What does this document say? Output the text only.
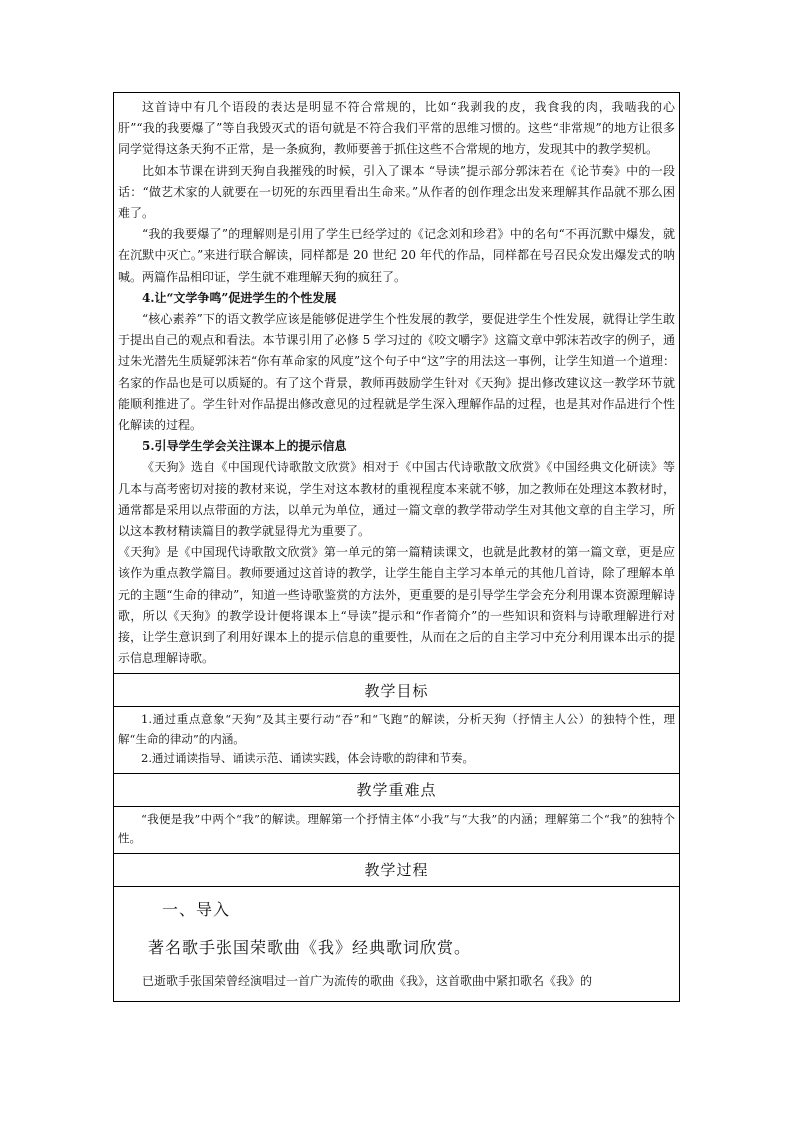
这首诗中有几个语段的表达是明显不符合常规的，比如“我剥我的皮，我食我的肉，我啮我的心肝”“我的我要爆了”等自我毁灭式的语句就是不符合我们平常的思维习惯的。这些“非常规”的地方让很多同学觉得这条天狗不正常，是一条疯狗，教师要善于抓住这些不合常规的地方，发现其中的教学契机。

比如本节课在讲到天狗自我摧残的时候，引入了课本 “导读”提示部分郭沫若在《论节奏》中的一段话：“做艺术家的人就要在一切死的东西里看出生命来。”从作者的创作理念出发来理解其作品就不那么困难了。

“我的我要爆了”的理解则是引用了学生已经学过的《记念刘和珍君》中的名句“不再沉默中爆发，就在沉默中灭亡。”来进行联合解读，同样都是 20 世纪 20 年代的作品，同样都在号召民众发出爆发式的呐喊。两篇作品相印证，学生就不难理解天狗的疯狂了。

4.让“文学争鸣”促进学生的个性发展

“核心素养”下的语文教学应该是能够促进学生个性发展的教学，要促进学生个性发展，就得让学生敢于提出自己的观点和看法。本节课引用了必修 5 学习过的《咬文嚼字》这篇文章中郭沫若改字的例子，通过朱光潜先生质疑郭沫若“你有革命家的风度”这个句子中“这”字的用法这一事例，让学生知道一个道理：名家的作品也是可以质疑的。有了这个背景，教师再鼓励学生针对《天狗》提出修改建议这一教学环节就能顺利推进了。学生针对作品提出修改意见的过程就是学生深入理解作品的过程，也是其对作品进行个性化解读的过程。

5.引导学生学会关注课本上的提示信息

《天狗》选自《中国现代诗歌散文欣赏》相对于《中国古代诗歌散文欣赏》《中国经典文化研读》等几本与高考密切对接的教材来说，学生对这本教材的重视程度本来就不够，加之教师在处理这本教材时，通常都是采用以点带面的方法，以单元为单位，通过一篇文章的教学带动学生对其他文章的自主学习，所以这本教材精读篇目的教学就显得尤为重要了。

《天狗》是《中国现代诗歌散文欣赏》第一单元的第一篇精读课文，也就是此教材的第一篇文章，更是应该作为重点教学篇目。教师要通过这首诗的教学，让学生能自主学习本单元的其他几首诗，除了理解本单元的主题“生命的律动”，知道一些诗歌鉴赏的方法外，更重要的是引导学生学会充分利用课本资源理解诗歌，所以《天狗》的教学设计便将课本上“导读”提示和“作者简介”的一些知识和资料与诗歌理解进行对接，让学生意识到了利用好课本上的提示信息的重要性，从而在之后的自主学习中充分利用课本出示的提示信息理解诗歌。

教学目标

1.通过重点意象“天狗”及其主要行动“吞”和“飞跑”的解读，分析天狗（抒情主人公）的独特个性，理解“生命的律动”的内涵。

2.通过诵读指导、诵读示范、诵读实践，体会诗歌的韵律和节奏。

教学重难点

“我便是我”中两个“我”的解读。理解第一个抒情主体“小我”与“大我”的内涵；理解第二个“我”的独特个性。

教学过程
一、导入
著名歌手张国荣歌曲《我》经典歌词欣赏。

已逝歌手张国荣曾经演唱过一首广为流传的歌曲《我》，这首歌曲中紧扣歌名《我》的
